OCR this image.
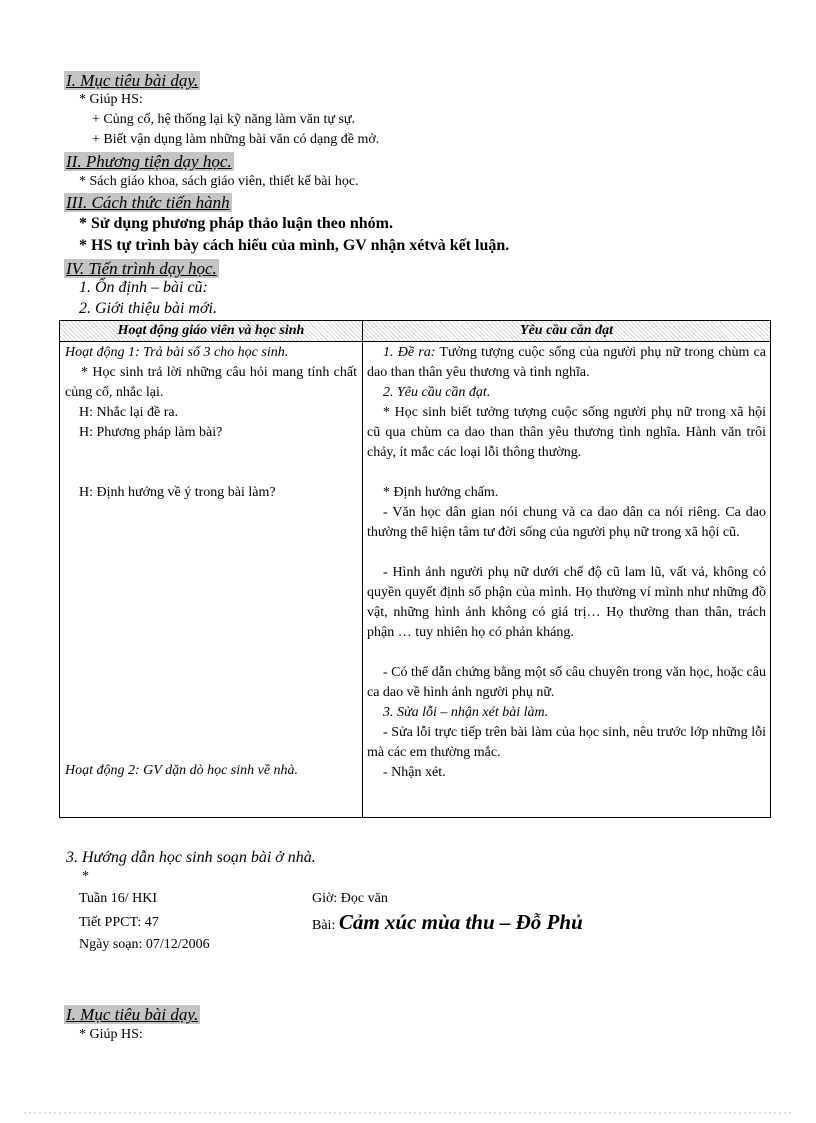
I. Mục tiêu bài dạy.
* Giúp HS:
+ Củng cố, hệ thống lại kỹ năng làm văn tự sự.
+ Biết vận dụng làm những bài văn có dạng đề mở.
II. Phương tiện dạy học.
* Sách giáo khoa, sách giáo viên, thiết kế bài học.
III. Cách thức tiến hành
* Sử dụng phương pháp thảo luận theo nhóm.
* HS tự trình bày cách hiểu của mình, GV nhận xétvà kết luận.
IV. Tiến trình dạy học.
1. Ổn định – bài cũ:
2. Giới thiệu bài mới.
Hoạt động giáo viên và học sinh	Yêu cầu cần đạt

Hoạt động 1: Trả bài số 3 cho học sinh.

* Học sinh trả lời những câu hỏi mang tính chất củng cố, nhắc lại.

H: Nhắc lại đề ra.

H: Phương pháp làm bài?

H: Định hướng về ý trong bài làm?

Hoạt động 2: GV dặn dò học sinh về nhà.

1. Đề ra: Tưởng tượng cuộc sống của người phụ nữ trong chùm ca dao than thân yêu thương và tình nghĩa.

2. Yêu cầu cần đạt.

* Học sinh biết tưởng tượng cuộc sống người phụ nữ trong xã hội cũ qua chùm ca dao than thân yêu thương tình nghĩa. Hành văn trôi chảy, ít mắc các loại lỗi thông thường.

* Định hướng chấm.

- Văn học dân gian nói chung và ca dao dân ca nói riêng. Ca dao thường thể hiện tâm tư đời sống của người phụ nữ trong xã hội cũ.

- Hình ảnh người phụ nữ dưới chế độ cũ lam lũ, vất vả, không có quyền quyết định số phận của mình. Họ thường ví mình như những đồ vật, những hình ảnh không có giá trị… Họ thường than thân, trách phận … tuy nhiên họ có phản kháng.

- Có thể dẫn chứng bằng một số câu chuyên trong văn học, hoặc câu ca dao về hình ảnh người phụ nữ.

3. Sửa lỗi – nhận xét bài làm.

- Sửa lỗi trực tiếp trên bài làm của học sinh, nêu trước lớp những lỗi mà các em thường mắc.

- Nhận xét.

3. Hướng dẫn học sinh soạn bài ở nhà.
*
Tuần 16/ HKI
Tiết PPCT: 47
Ngày soạn: 07/12/2006
Giờ: Đọc văn
Bài: Cảm xúc mùa thu – Đỗ Phủ
I. Mục tiêu bài dạy.
* Giúp HS:
